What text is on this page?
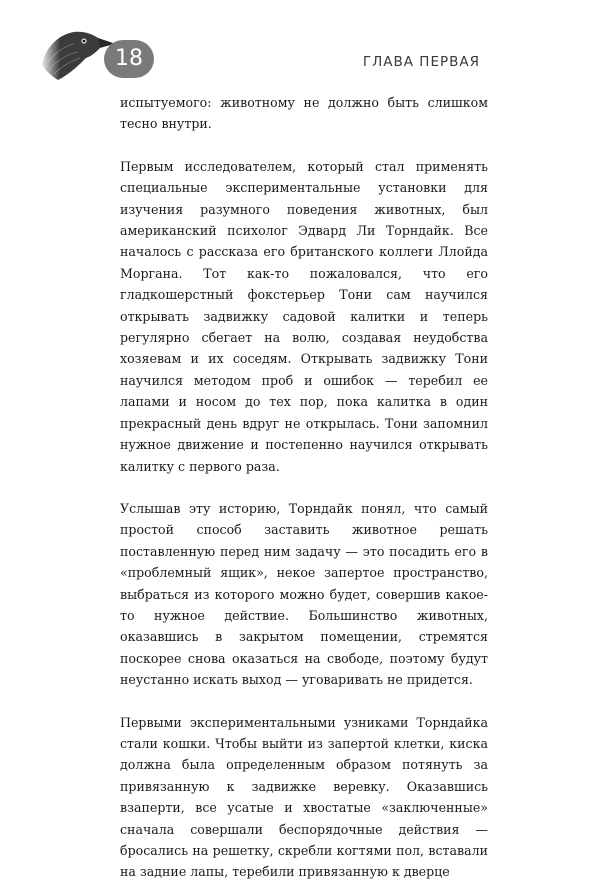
18	ГЛАВА ПЕРВАЯ

испытуемого: животному не должно быть слишком тесно внутри.

Первым исследователем, который стал применять специальные экспериментальные установки для изучения разумного поведения животных, был американский психолог Эдвард Ли Торндайк. Все началось с рассказа его британского коллеги Ллойда Моргана. Тот как-то пожаловался, что его гладкошерстный фокстерьер Тони сам научился открывать задвижку садовой калитки и теперь регулярно сбегает на волю, создавая неудобства хозяевам и их соседям. Открывать задвижку Тони научился методом проб и ошибок — теребил ее лапами и носом до тех пор, пока калитка в один прекрасный день вдруг не открылась. Тони запомнил нужное движение и постепенно научился открывать калитку с первого раза.

Услышав эту историю, Торндайк понял, что самый простой способ заставить животное решать поставленную перед ним задачу — это посадить его в «проблемный ящик», некое запертое пространство, выбраться из которого можно будет, совершив какое-то нужное действие. Большинство животных, оказавшись в закрытом помещении, стремятся поскорее снова оказаться на свободе, поэтому будут неустанно искать выход — уговаривать не придется.

Первыми экспериментальными узниками Торндайка стали кошки. Чтобы выйти из запертой клетки, киска должна была определенным образом потянуть за привязанную к задвижке веревку. Оказавшись взаперти, все усатые и хвостатые «заключенные» сначала совершали беспорядочные действия — бросались на решетку, скребли когтями пол, вставали на задние лапы, теребили привязанную к дверце
